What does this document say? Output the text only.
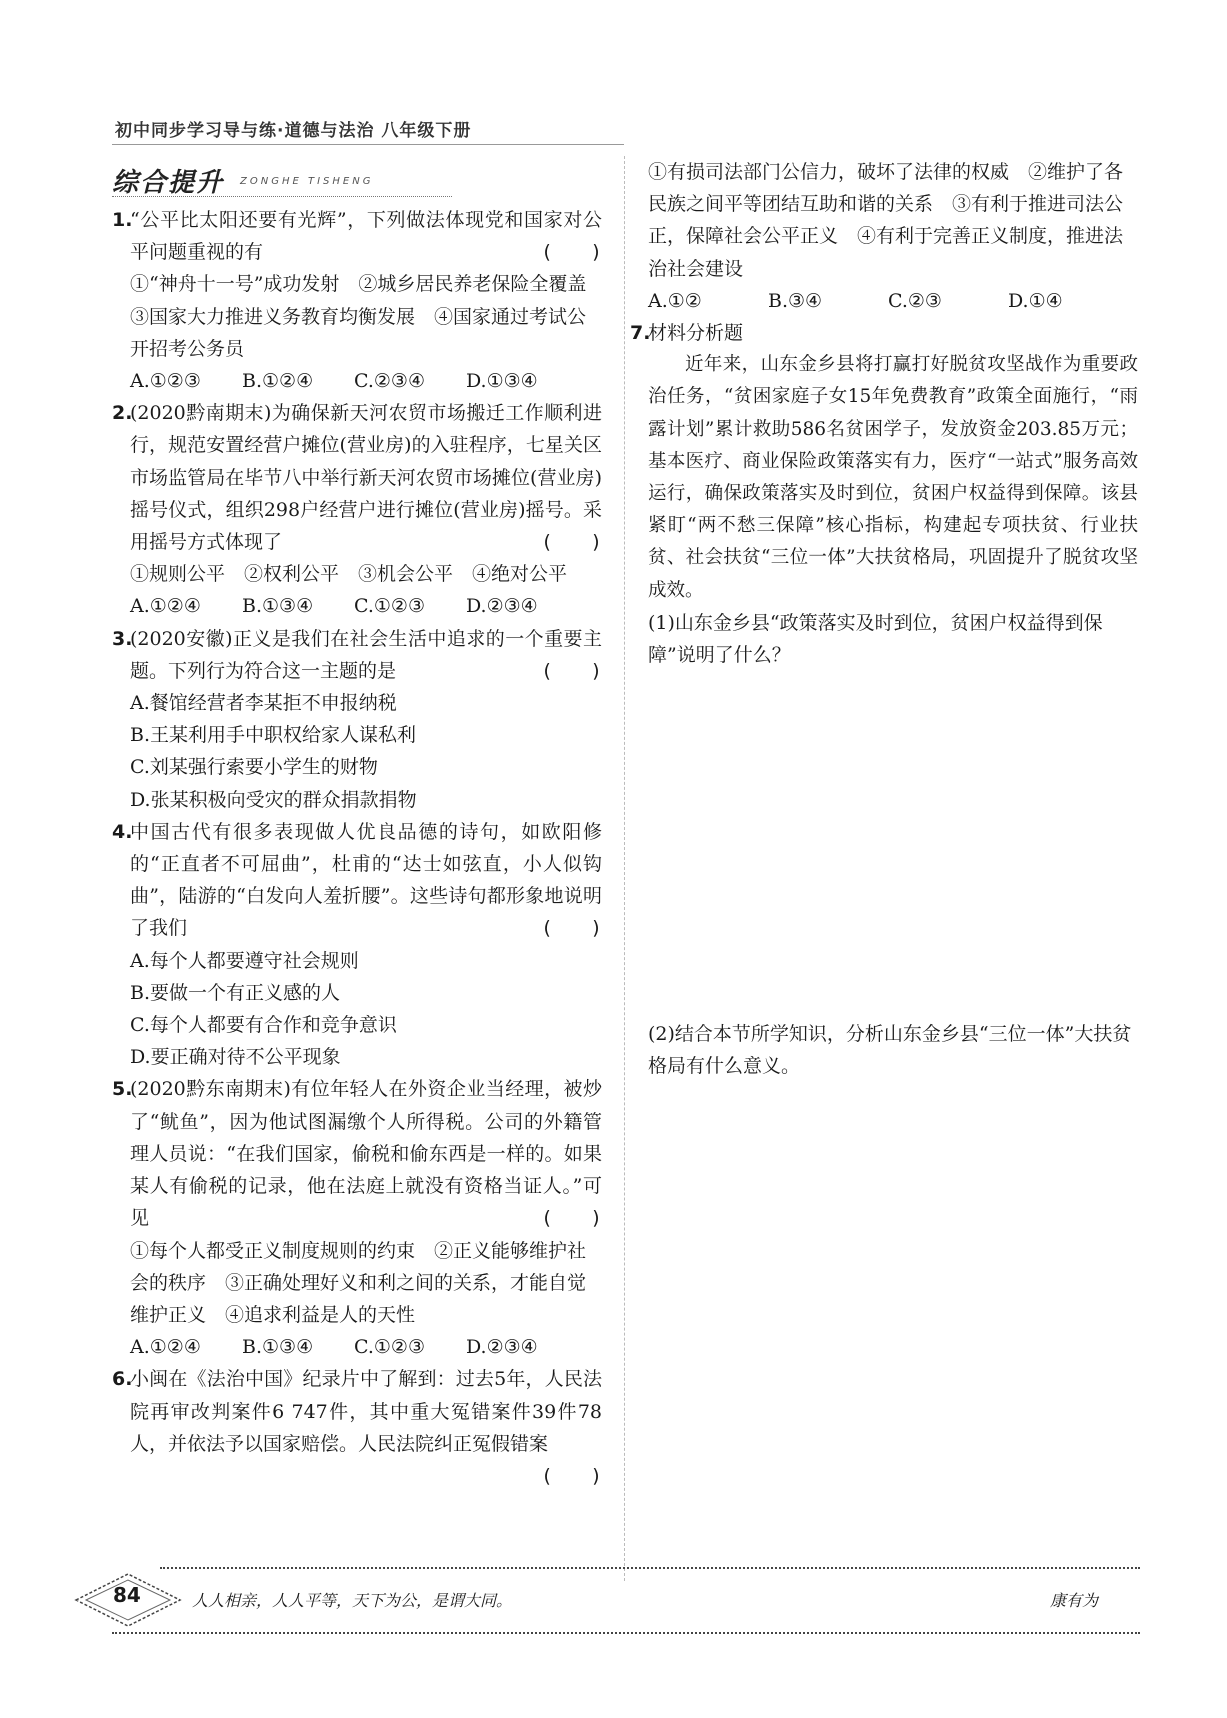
初中同步学习导与练·道德与法治 八年级下册
综合提升 ZONGHE TISHENG
1.
“公平比太阳还要有光辉”，下列做法体现党和国家对公平问题重视的有	(　　)
①“神舟十一号”成功发射　②城乡居民养老保险全覆盖　③国家大力推进义务教育均衡发展　④国家通过考试公开招考公务员
A.①②③	B.①②④	C.②③④	D.①③④
2.
(2020黔南期末)为确保新天河农贸市场搬迁工作顺利进行，规范安置经营户摊位(营业房)的入驻程序，七星关区市场监管局在毕节八中举行新天河农贸市场摊位(营业房)摇号仪式，组织298户经营户进行摊位(营业房)摇号。采用摇号方式体现了	(　　)
①规则公平　②权利公平　③机会公平　④绝对公平
A.①②④	B.①③④	C.①②③	D.②③④
3.
(2020安徽)正义是我们在社会生活中追求的一个重要主题。下列行为符合这一主题的是	(　　)
A.餐馆经营者李某拒不申报纳税
B.王某利用手中职权给家人谋私利
C.刘某强行索要小学生的财物
D.张某积极向受灾的群众捐款捐物
4.
中国古代有很多表现做人优良品德的诗句，如欧阳修的“正直者不可屈曲”，杜甫的“达士如弦直，小人似钩曲”，陆游的“白发向人羞折腰”。这些诗句都形象地说明了我们	(　　)
A.每个人都要遵守社会规则
B.要做一个有正义感的人
C.每个人都要有合作和竞争意识
D.要正确对待不公平现象
5.
(2020黔东南期末)有位年轻人在外资企业当经理，被炒了“鱿鱼”，因为他试图漏缴个人所得税。公司的外籍管理人员说：“在我们国家，偷税和偷东西是一样的。如果某人有偷税的记录，他在法庭上就没有资格当证人。”可见	(　　)
①每个人都受正义制度规则的约束　②正义能够维护社会的秩序　③正确处理好义和利之间的关系，才能自觉维护正义　④追求利益是人的天性
A.①②④	B.①③④	C.①②③	D.②③④
6.
小闽在《法治中国》纪录片中了解到：过去5年，人民法院再审改判案件6 747件，其中重大冤错案件39件78人，并依法予以国家赔偿。人民法院纠正冤假错案
(　　)
①有损司法部门公信力，破坏了法律的权威　②维护了各民族之间平等团结互助和谐的关系　③有利于推进司法公正，保障社会公平正义　④有利于完善正义制度，推进法治社会建设
A.①②	B.③④	C.②③	D.①④
7.
材料分析题
近年来，山东金乡县将打赢打好脱贫攻坚战作为重要政治任务，“贫困家庭子女15年免费教育”政策全面施行，“雨露计划”累计救助586名贫困学子，发放资金203.85万元；基本医疗、商业保险政策落实有力，医疗“一站式”服务高效运行，确保政策落实及时到位，贫困户权益得到保障。该县紧盯“两不愁三保障”核心指标，构建起专项扶贫、行业扶贫、社会扶贫“三位一体”大扶贫格局，巩固提升了脱贫攻坚成效。
(1)山东金乡县“政策落实及时到位，贫困户权益得到保障”说明了什么？
(2)结合本节所学知识，分析山东金乡县“三位一体”大扶贫格局有什么意义。
84	人人相亲，人人平等，天下为公，是谓大同。	康有为
